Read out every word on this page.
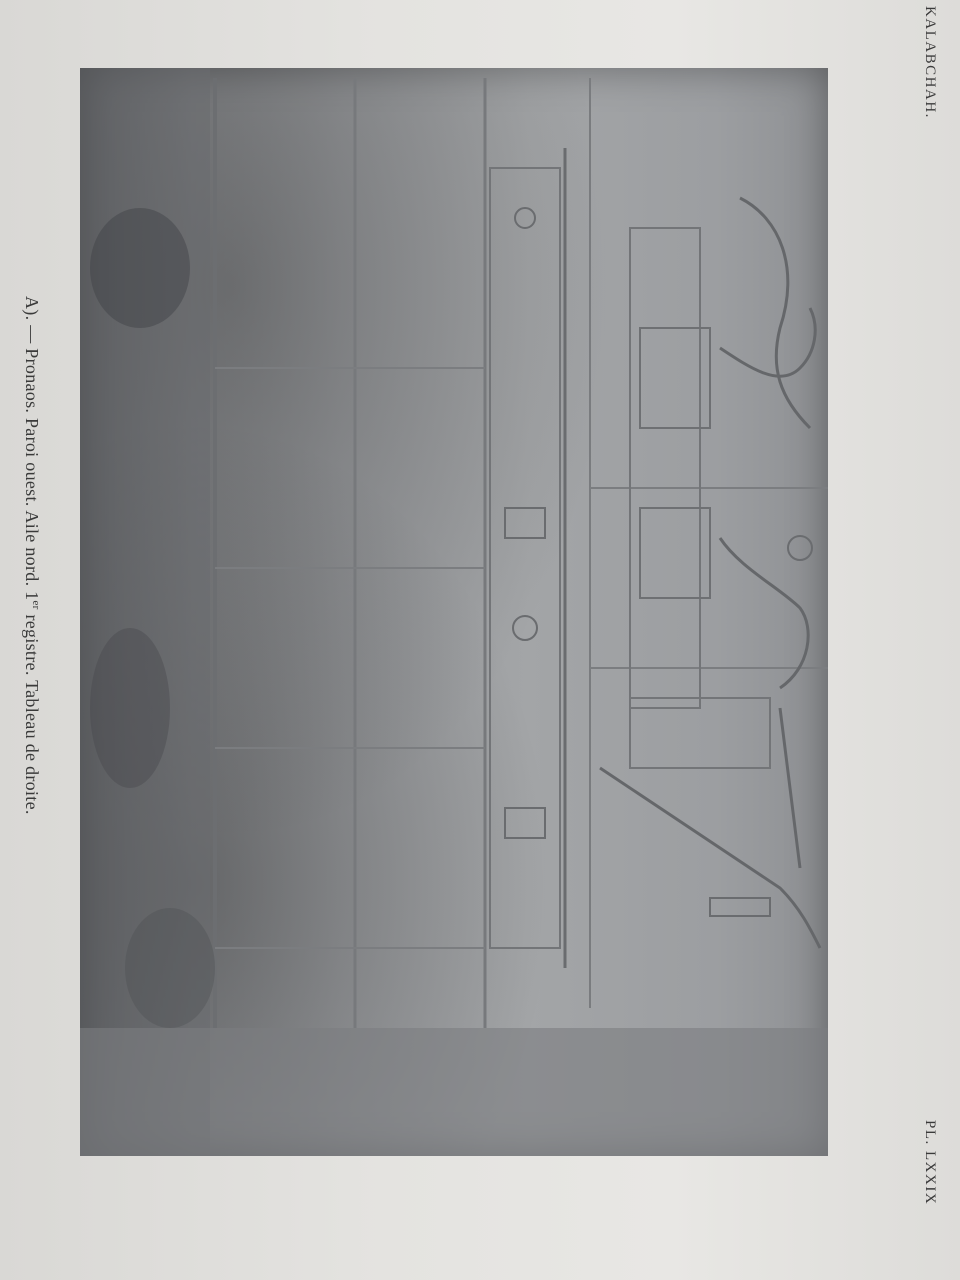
KALABCHAH.
A). — Pronaos. Paroi ouest. Aile nord. 1er registre. Tableau de droite.
PL. LXXIX
